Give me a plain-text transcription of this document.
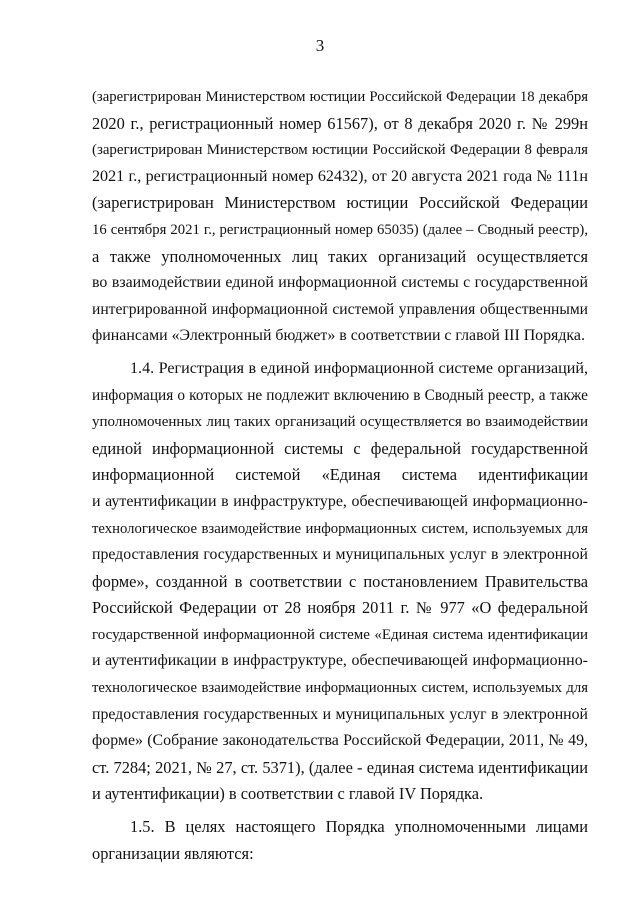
3
(зарегистрирован Министерством юстиции Российской Федерации 18 декабря
2020 г., регистрационный номер 61567), от 8 декабря 2020 г. № 299н
(зарегистрирован Министерством юстиции Российской Федерации 8 февраля
2021 г., регистрационный номер 62432), от 20 августа 2021 года № 111н
(зарегистрирован Министерством юстиции Российской Федерации
16 сентября 2021 г., регистрационный номер 65035) (далее – Сводный реестр),
а также уполномоченных лиц таких организаций осуществляется
во взаимодействии единой информационной системы с государственной
интегрированной информационной системой управления общественными
финансами «Электронный бюджет» в соответствии с главой III Порядка.
1.4. Регистрация в единой информационной системе организаций,
информация о которых не подлежит включению в Сводный реестр, а также
уполномоченных лиц таких организаций осуществляется во взаимодействии
единой информационной системы с федеральной государственной
информационной системой «Единая система идентификации
и аутентификации в инфраструктуре, обеспечивающей информационно-
технологическое взаимодействие информационных систем, используемых для
предоставления государственных и муниципальных услуг в электронной
форме», созданной в соответствии с постановлением Правительства
Российской Федерации от 28 ноября 2011 г. № 977 «О федеральной
государственной информационной системе «Единая система идентификации
и аутентификации в инфраструктуре, обеспечивающей информационно-
технологическое взаимодействие информационных систем, используемых для
предоставления государственных и муниципальных услуг в электронной
форме» (Собрание законодательства Российской Федерации, 2011, № 49,
ст. 7284; 2021, № 27, ст. 5371), (далее - единая система идентификации
и аутентификации) в соответствии с главой IV Порядка.
1.5. В целях настоящего Порядка уполномоченными лицами
организации являются:
